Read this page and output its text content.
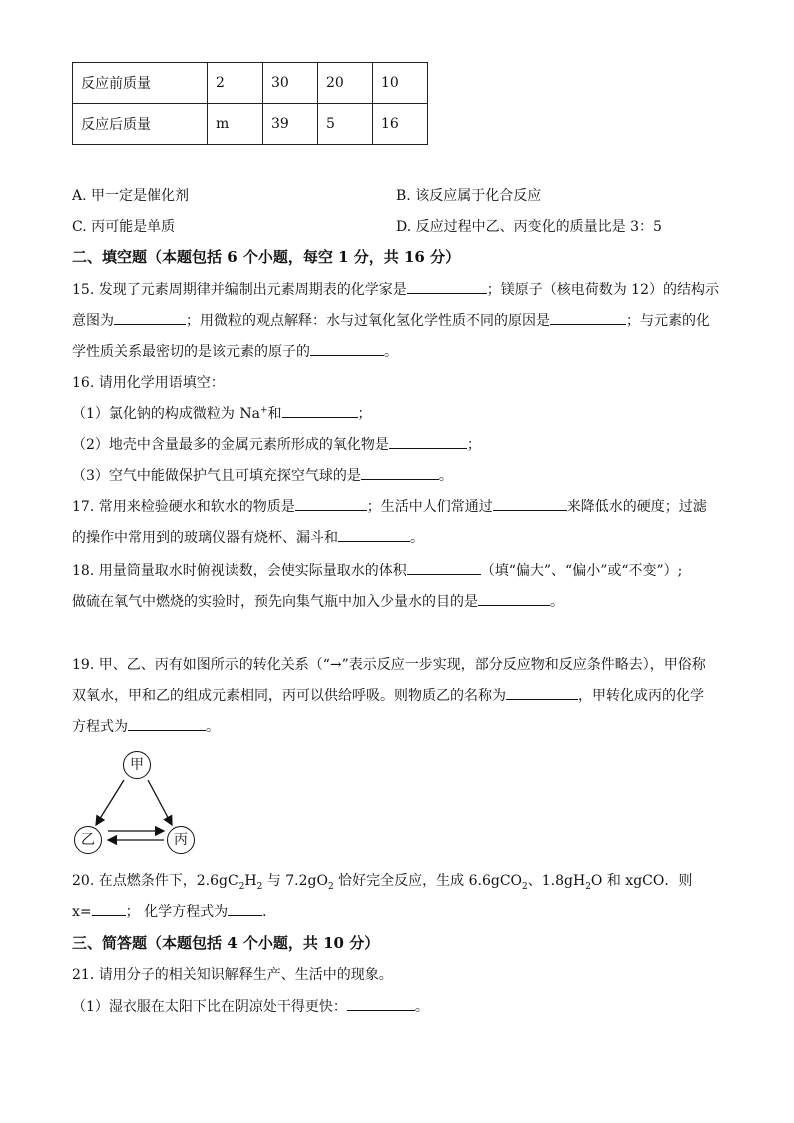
反应前质量	2	30	20	10
反应后质量	m	39	5	16
A. 甲一定是催化剂	B. 该反应属于化合反应
C. 丙可能是单质	D. 反应过程中乙、丙变化的质量比是 3：5
二、填空题（本题包括 6 个小题，每空 1 分，共 16 分）
15. 发现了元素周期律并编制出元素周期表的化学家是	；镁原子（核电荷数为 12）的结构示
意图为	；用微粒的观点解释：水与过氧化氢化学性质不同的原因是	；与元素的化
学性质关系最密切的是该元素的原子的	。
16. 请用化学用语填空：
（1）氯化钠的构成微粒为 Na+和	；
（2）地壳中含量最多的金属元素所形成的氧化物是	；
（3）空气中能做保护气且可填充探空气球的是	。
17. 常用来检验硬水和软水的物质是	；生活中人们常通过	来降低水的硬度；过滤
的操作中常用到的玻璃仪器有烧杯、漏斗和	。
18. 用量筒量取水时俯视读数，会使实际量取水的体积	（填“偏大”、“偏小”或“不变”）;
做硫在氧气中燃烧的实验时，预先向集气瓶中加入少量水的目的是	。
19. 甲、乙、丙有如图所示的转化关系（“→”表示反应一步实现，部分反应物和反应条件略去），甲俗称
双氧水，甲和乙的组成元素相同，丙可以供给呼吸。则物质乙的名称为	，甲转化成丙的化学
方程式为	。
甲
乙	丙
20. 在点燃条件下，$2.6gC_2H_2$ 与 $7.2gO_2$ 恰好完全反应，生成 6.6gCO$_2$、$1.8gH_2O$ 和 xgCO．则
x= ； 化学方程式为 ．
三、简答题（本题包括 4 个小题，共 10 分）
21. 请用分子的相关知识解释生产、生活中的现象。
（1）湿衣服在太阳下比在阴凉处干得更快：	。
